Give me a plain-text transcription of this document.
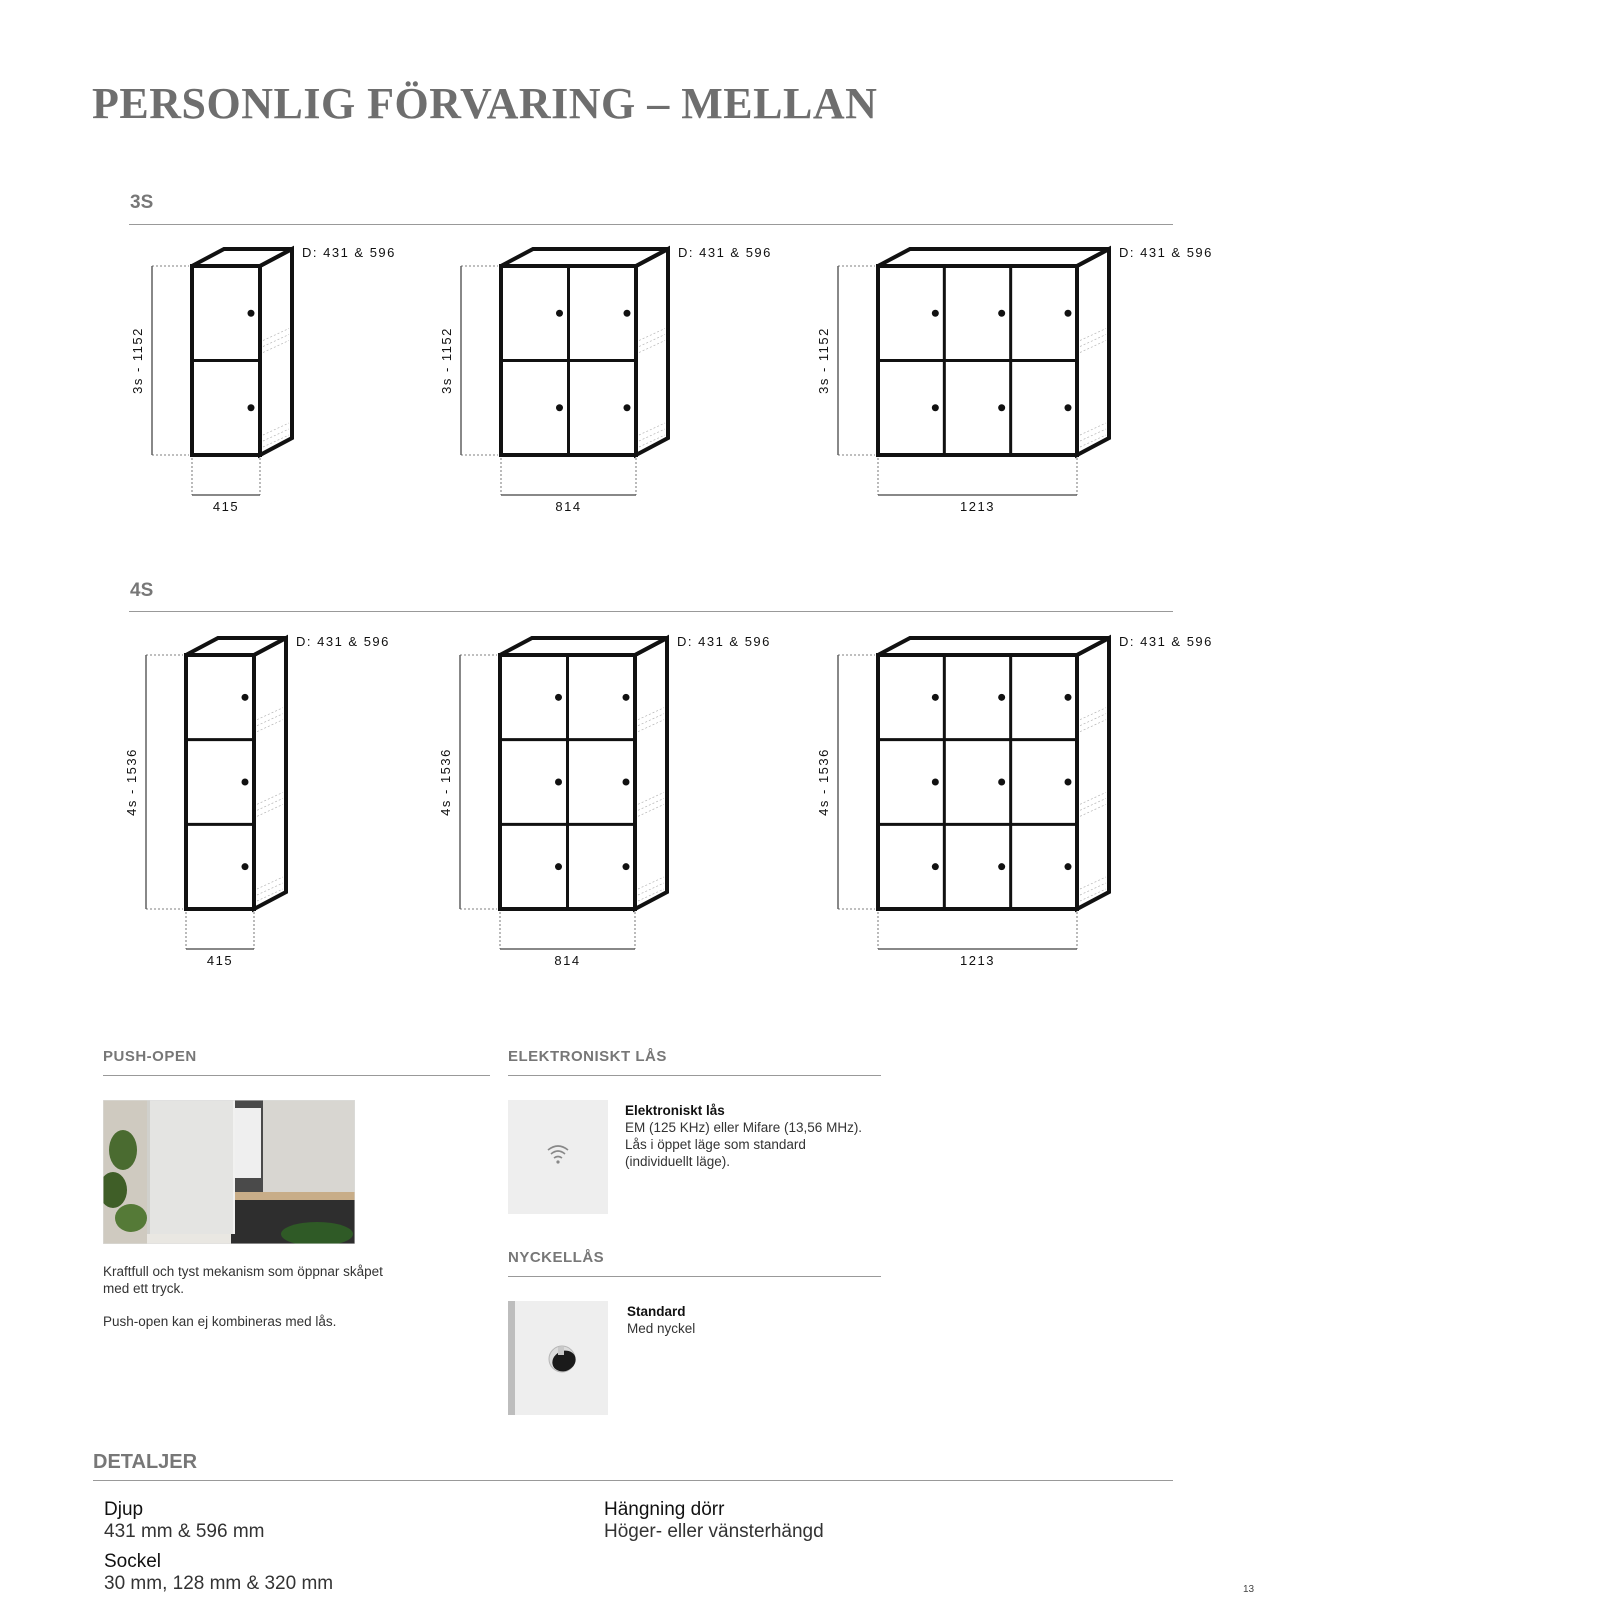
PERSONLIG FÖRVARING – MELLAN
3S
4S
3s - 1152
415
D: 431 & 596
3s - 1152
814
D: 431 & 596
3s - 1152
1213
D: 431 & 596
4s - 1536
415
D: 431 & 596
4s - 1536
814
D: 431 & 596
4s - 1536
1213
D: 431 & 596
PUSH-OPEN

Kraftfull och tyst mekanism som öppnar skåpet med ett tryck.

Push-open kan ej kombineras med lås.

ELEKTRONISKT LÅS
Elektroniskt lås
EM (125 KHz) eller Mifare (13,56 MHz).
Lås i öppet läge som standard
(individuellt läge).
NYCKELLÅS
Standard
Med nyckel
DETALJER
Djup
431 mm & 596 mm
Sockel
30 mm, 128 mm & 320 mm
Hängning dörr
Höger- eller vänsterhängd
13
